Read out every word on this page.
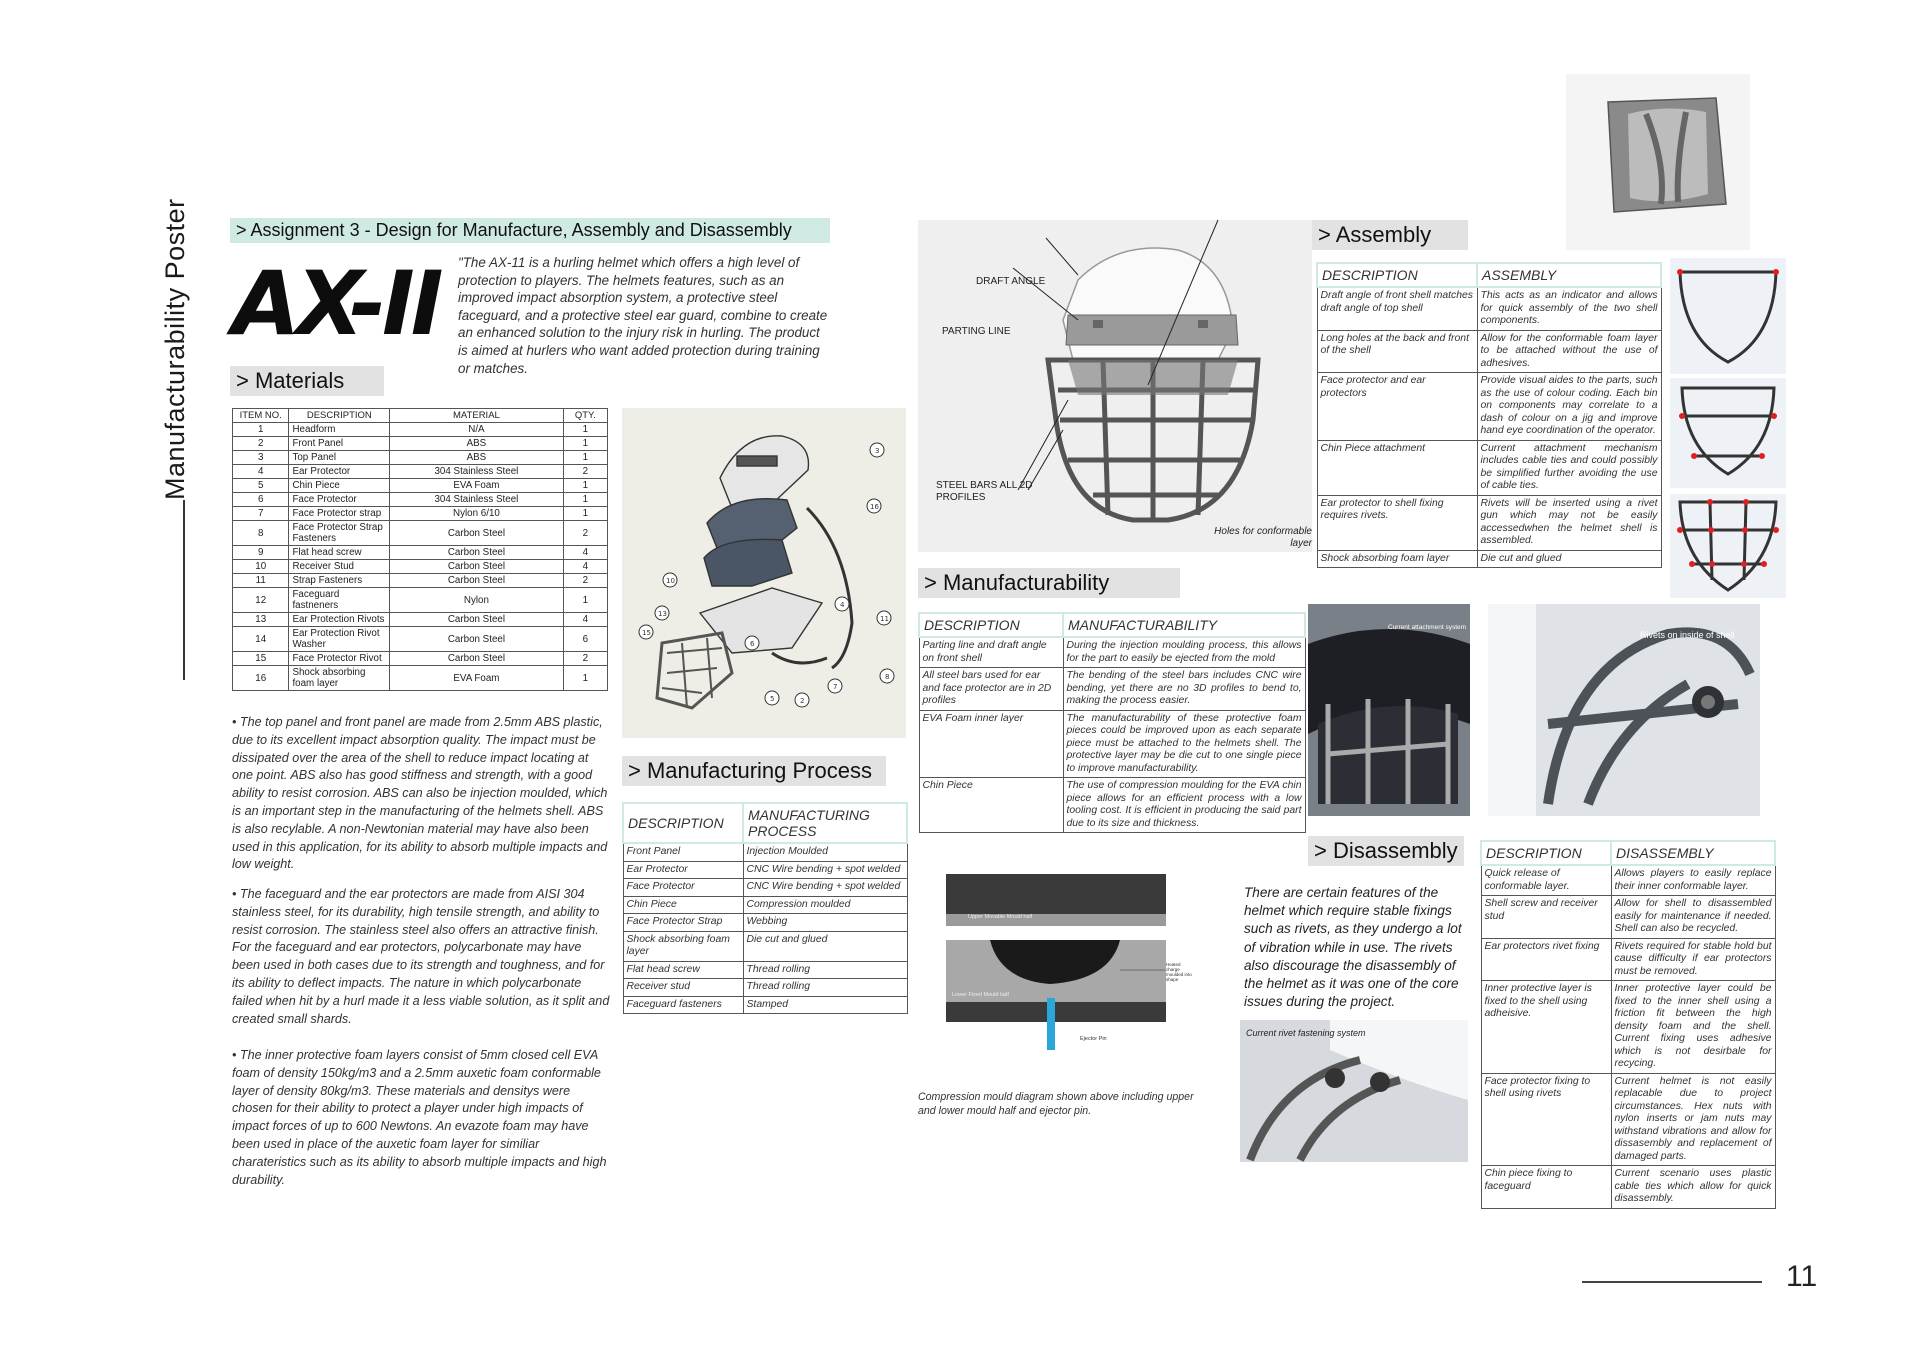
Manufacturability Poster	> Assignment 3 - Design for Manufacture, Assembly and Disassembly
AX-II "The AX-11 is a hurling helmet which offers a high level of protection to players. The helmets features, such as an improved impact absorption system, a protective steel faceguard, and a protective steel ear guard, combine to create an enhanced solution to the injury risk in hurling. The product is aimed at hurlers who want added protection during training or matches.
> Materials
ITEM NO.	DESCRIPTION	MATERIAL	QTY.
1	Headform	N/A	1
2	Front Panel	ABS	1
3	Top Panel	ABS	1
4	Ear Protector	304 Stainless Steel	2
5	Chin Piece	EVA Foam	1
6	Face Protector	304 Stainless Steel	1
7	Face Protector strap	Nylon 6/10	1
8	Face Protector Strap Fasteners	Carbon Steel	2
9	Flat head screw	Carbon Steel	4
10	Receiver Stud	Carbon Steel	4
11	Strap Fasteners	Carbon Steel	2
12	Faceguard fastneners	Nylon	1
13	Ear Protection Rivots	Carbon Steel	4
14	Ear Protection Rivot Washer	Carbon Steel	6
15	Face Protector Rivot	Carbon Steel	2
16	Shock absorbing foam layer	EVA Foam	1
• The top panel and front panel are made from 2.5mm ABS plastic, due to its excellent impact absorption quality. The impact must be dissipated over the area of the shell to reduce impact locating at one point. ABS also has good stiffness and strength, with a good ability to resist corrosion. ABS can also be injection moulded, which is an important step in the manufacturing of the helmets shell. ABS is also recylable. A non-Newtonian material may have also been used in this application, for its ability to absorb multiple impacts and low weight.
• The faceguard and the ear protectors are made from AISI 304 stainless steel, for its durability, high tensile strength, and ability to resist corrosion. The stainless steel also offers an attractive finish. For the faceguard and ear protectors, polycarbonate may have been used in both cases due to its strength and toughness, and for its ability to deflect impacts. The nature in which polycarbonate failed when hit by a hurl made it a less viable solution, as it split and created small shards.
• The inner protective foam layers consist of 5mm closed cell EVA foam of density 150kg/m3 and a 2.5mm auxetic foam conformable layer of density 80kg/m3. These materials and densitys were chosen for their ability to protect a player under high impacts of impact forces of up to 600 Newtons. An evazote foam may have been used in place of the auxetic foam layer for similiar charateristics such as its ability to absorb multiple impacts and high durability.
3
16
10
13
4
11
15
6
5
7
8
2
> Manufacturing Process
DESCRIPTION	MANUFACTURING PROCESS
Front Panel	Injection Moulded
Ear Protector	CNC Wire bending + spot welded
Face Protector	CNC Wire bending + spot welded
Chin Piece	Compression moulded
Face Protector Strap	Webbing
Shock absorbing foam layer	Die cut and glued
Flat head screw	Thread rolling
Receiver stud	Thread rolling
Faceguard fasteners	Stamped
DRAFT ANGLE
PARTING LINE
STEEL BARS ALL 2D PROFILES
Holes for conformable layer
> Manufacturability
DESCRIPTION	MANUFACTURABILITY
Parting line and draft angle on front shell	During the injection moulding process, this allows for the part to easily be ejected from the mold
All steel bars used for ear and face protector are in 2D profiles	The bending of the steel bars includes CNC wire bending, yet there are no 3D profiles to bend to, making the process easier.
EVA Foam inner layer	The manufacturability of these protective foam pieces could be improved upon as each separate piece must be attached to the helmets shell. The protective layer may be die cut to one single piece to improve manufacturability.
Chin Piece	The use of compression moulding for the EVA chin piece allows for an efficient process with a low tooling cost. It is efficient in producing the said part due to its size and thickness.
Upper Movable Mould half
Lower Fixed Mould half
Heated charge moulded into shape
Ejector Pin
Compression mould diagram shown above including upper and lower mould half and ejector pin.
> Assembly
DESCRIPTION	ASSEMBLY
Draft angle of front shell matches draft angle of top shell	This acts as an indicator and allows for quick assembly of the two shell components.
Long holes at the back and front of the shell	Allow for the conformable foam layer to be attached without the use of adhesives.
Face protector and ear protectors	Provide visual aides to the parts, such as the use of colour coding. Each bin on components may correlate to a dash of colour on a jig and improve hand eye coordination of the operator.
Chin Piece attachment	Current attachment mechanism includes cable ties and could possibly be simplified further avoiding the use of cable ties.
Ear protector to shell fixing requires rivets.	Rivets will be inserted using a rivet gun which may not be easily accessedwhen the helmet shell is assembled.
Shock absorbing foam layer	Die cut and glued
Current attachment system
Rivets on inside of shell
> Disassembly
There are certain features of the helmet which require stable fixings such as rivets, as they undergo a lot of vibration while in use. The rivets also discourage the disassembly of the helmet as it was one of the core issues during the project.
Current rivet fastening system
DESCRIPTION	DISASSEMBLY
Quick release of conformable layer.	Allows players to easily replace their inner conformable layer.
Shell screw and receiver stud	Allow for shell to disassembled easily for maintenance if needed. Shell can also be recycled.
Ear protectors rivet fixing	Rivets required for stable hold but cause difficulty if ear protectors must be removed.
Inner protective layer is fixed to the shell using adheisive.	Inner protective layer could be fixed to the inner shell using a friction fit between the high density foam and the shell. Current fixing uses adhesive which is not desirbale for recycing.
Face protector fixing to shell using rivets	Current helmet is not easily replacable due to project circumstances. Hex nuts with nylon inserts or jam nuts may withstand vibrations and allow for dissasembly and replacement of damaged parts.
Chin piece fixing to faceguard	Current scenario uses plastic cable ties which allow for quick disassembly.
11
